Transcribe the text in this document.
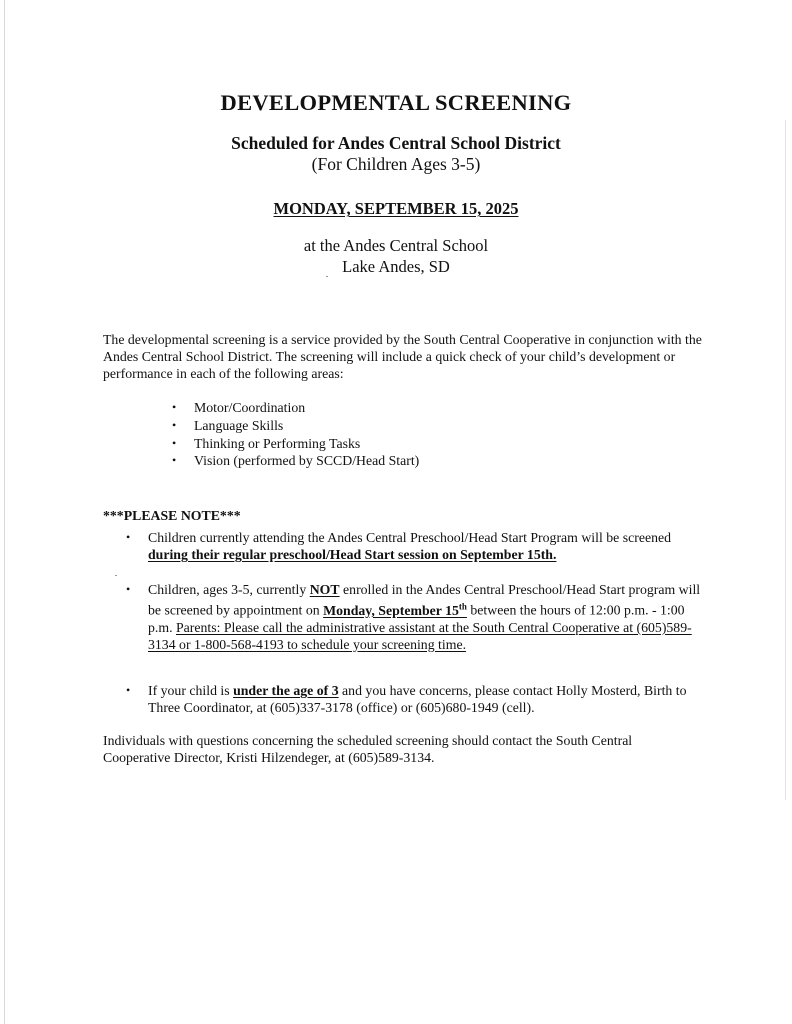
DEVELOPMENTAL SCREENING

Scheduled for Andes Central School District

(For Children Ages 3-5)

MONDAY, SEPTEMBER 15, 2025

at the Andes Central School

Lake Andes, SD

The developmental screening is a service provided by the South Central Cooperative in conjunction with the Andes Central School District. The screening will include a quick check of your child’s development or performance in each of the following areas:

• Motor/Coordination
• Language Skills
• Thinking or Performing Tasks
• Vision (performed by SCCD/Head Start)

***PLEASE NOTE***

• Children currently attending the Andes Central Preschool/Head Start Program will be screened during their regular preschool/Head Start session on September 15th.

• Children, ages 3-5, currently NOT enrolled in the Andes Central Preschool/Head Start program will be screened by appointment on Monday, September 15th between the hours of 12:00 p.m. - 1:00 p.m. Parents: Please call the administrative assistant at the South Central Cooperative at (605)589-3134 or 1-800-568-4193 to schedule your screening time.

• If your child is under the age of 3 and you have concerns, please contact Holly Mosterd, Birth to Three Coordinator, at (605)337-3178 (office) or (605)680-1949 (cell).

Individuals with questions concerning the scheduled screening should contact the South Central Cooperative Director, Kristi Hilzendeger, at (605)589-3134.
